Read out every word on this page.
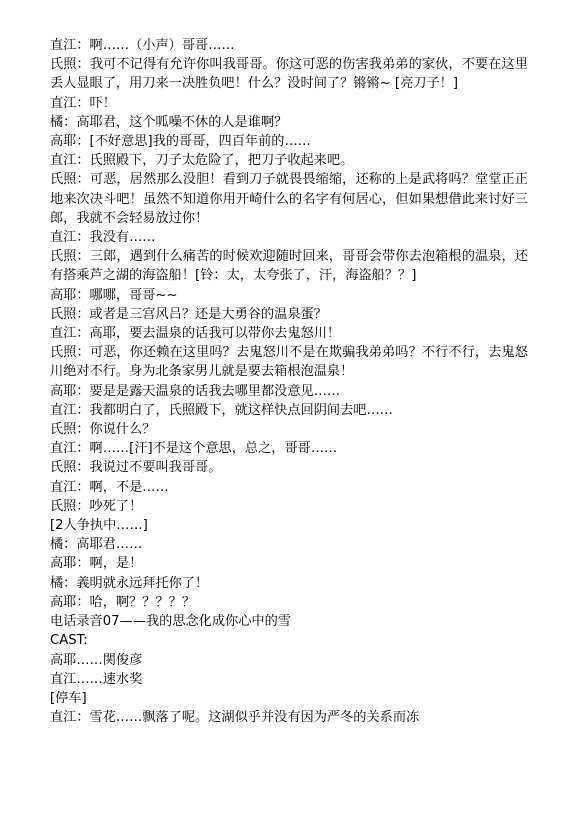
直江：啊……（小声）哥哥……

氏照：我可不记得有允许你叫我哥哥。你这可恶的伤害我弟弟的家伙，不要在这里丢人显眼了，用刀来一决胜负吧！什么？没时间了？锵锵~ [亮刀子！]

直江：吓！

橘：高耶君，这个呱噪不休的人是谁啊？

高耶：[不好意思]我的哥哥，四百年前的……

直江：氏照殿下，刀子太危险了，把刀子收起来吧。

氏照：可恶，居然那么没胆！看到刀子就畏畏缩缩，还称的上是武将吗？堂堂正正地来次决斗吧！虽然不知道你用开崎什么的名字有何居心，但如果想借此来讨好三郎，我就不会轻易放过你！

直江：我没有……

氏照：三郎，遇到什么痛苦的时候欢迎随时回来，哥哥会带你去泡箱根的温泉，还有搭乘芦之湖的海盗船！[铃：太，太夸张了，汗，海盗船？？]

高耶：哪哪，哥哥~~

氏照：或者是三宫风吕？还是大勇谷的温泉蛋？

直江：高耶，要去温泉的话我可以带你去鬼怒川！

氏照：可恶，你还赖在这里吗？去鬼怒川不是在欺骗我弟弟吗？不行不行，去鬼怒川绝对不行。身为北条家男儿就是要去箱根泡温泉！

高耶：要是是露天温泉的话我去哪里都没意见……

直江：我都明白了，氏照殿下，就这样快点回阴间去吧……

氏照：你说什么？

直江：啊……[汗]不是这个意思，总之，哥哥……

氏照：我说过不要叫我哥哥。

直江：啊，不是……

氏照：吵死了！

[2人争执中……]

橘：高耶君……

高耶：啊，是！

橘：義明就永远拜托你了！

高耶：哈，啊？？？？？

电话录音07——我的思念化成你心中的雪

CAST:

高耶……関俊彦

直江……速水奖

[停车]

直江：雪花……飘落了呢。这湖似乎并没有因为严冬的关系而冻
